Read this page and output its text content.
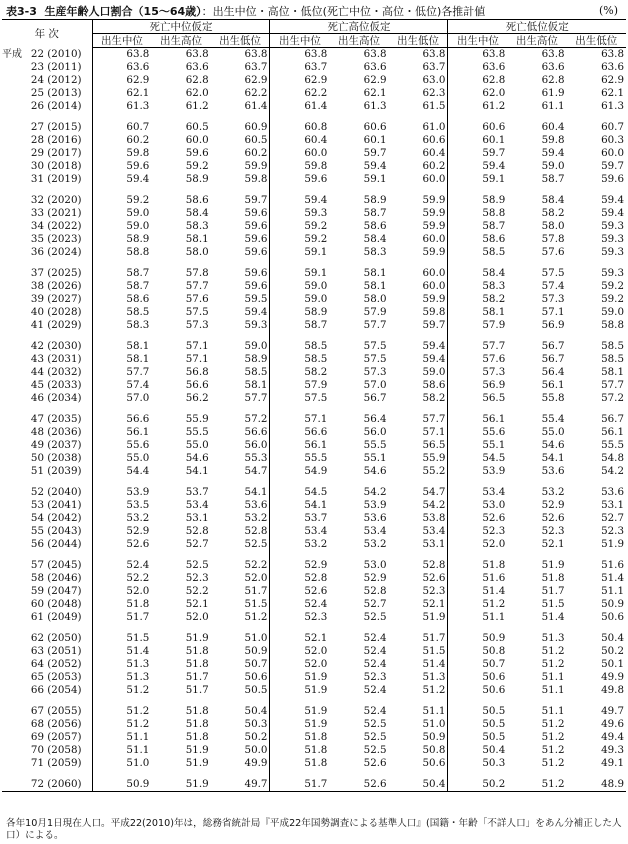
表3-3 生産年齢人口割合（15～64歳）：出生中位・高位・低位(死亡中位・高位・低位)各推計値	(%)
年 次	死亡中位仮定			死亡高位仮定			死亡低位仮定		
	出生中位	出生高位	出生低位	出生中位	出生高位	出生低位	出生中位	出生高位	出生低位
平成 22 (2010)	63.8	63.8	63.8	63.8	63.8	63.8	63.8	63.8	63.8
23 (2011)	63.6	63.6	63.7	63.7	63.6	63.7	63.6	63.6	63.6
24 (2012)	62.9	62.8	62.9	62.9	62.9	63.0	62.8	62.8	62.9
25 (2013)	62.1	62.0	62.2	62.2	62.1	62.3	62.0	61.9	62.1
26 (2014)	61.3	61.2	61.4	61.4	61.3	61.5	61.2	61.1	61.3

27 (2015)	60.7	60.5	60.9	60.8	60.6	61.0	60.6	60.4	60.7
28 (2016)	60.2	60.0	60.5	60.4	60.1	60.6	60.1	59.8	60.3
29 (2017)	59.8	59.6	60.2	60.0	59.7	60.4	59.7	59.4	60.0
30 (2018)	59.6	59.2	59.9	59.8	59.4	60.2	59.4	59.0	59.7
31 (2019)	59.4	58.9	59.8	59.6	59.1	60.0	59.1	58.7	59.6

32 (2020)	59.2	58.6	59.7	59.4	58.9	59.9	58.9	58.4	59.4
33 (2021)	59.0	58.4	59.6	59.3	58.7	59.9	58.8	58.2	59.4
34 (2022)	59.0	58.3	59.6	59.2	58.6	59.9	58.7	58.0	59.3
35 (2023)	58.9	58.1	59.6	59.2	58.4	60.0	58.6	57.8	59.3
36 (2024)	58.8	58.0	59.6	59.1	58.3	59.9	58.5	57.6	59.3

37 (2025)	58.7	57.8	59.6	59.1	58.1	60.0	58.4	57.5	59.3
38 (2026)	58.7	57.7	59.6	59.0	58.1	60.0	58.3	57.4	59.2
39 (2027)	58.6	57.6	59.5	59.0	58.0	59.9	58.2	57.3	59.2
40 (2028)	58.5	57.5	59.4	58.9	57.9	59.8	58.1	57.1	59.0
41 (2029)	58.3	57.3	59.3	58.7	57.7	59.7	57.9	56.9	58.8

42 (2030)	58.1	57.1	59.0	58.5	57.5	59.4	57.7	56.7	58.5
43 (2031)	58.1	57.1	58.9	58.5	57.5	59.4	57.6	56.7	58.5
44 (2032)	57.7	56.8	58.5	58.2	57.3	59.0	57.3	56.4	58.1
45 (2033)	57.4	56.6	58.1	57.9	57.0	58.6	56.9	56.1	57.7
46 (2034)	57.0	56.2	57.7	57.5	56.7	58.2	56.5	55.8	57.2

47 (2035)	56.6	55.9	57.2	57.1	56.4	57.7	56.1	55.4	56.7
48 (2036)	56.1	55.5	56.6	56.6	56.0	57.1	55.6	55.0	56.1
49 (2037)	55.6	55.0	56.0	56.1	55.5	56.5	55.1	54.6	55.5
50 (2038)	55.0	54.6	55.3	55.5	55.1	55.9	54.5	54.1	54.8
51 (2039)	54.4	54.1	54.7	54.9	54.6	55.2	53.9	53.6	54.2

52 (2040)	53.9	53.7	54.1	54.5	54.2	54.7	53.4	53.2	53.6
53 (2041)	53.5	53.4	53.6	54.1	53.9	54.2	53.0	52.9	53.1
54 (2042)	53.2	53.1	53.2	53.7	53.6	53.8	52.6	52.6	52.7
55 (2043)	52.9	52.8	52.8	53.4	53.4	53.4	52.3	52.3	52.3
56 (2044)	52.6	52.7	52.5	53.2	53.2	53.1	52.0	52.1	51.9

57 (2045)	52.4	52.5	52.2	52.9	53.0	52.8	51.8	51.9	51.6
58 (2046)	52.2	52.3	52.0	52.8	52.9	52.6	51.6	51.8	51.4
59 (2047)	52.0	52.2	51.7	52.6	52.8	52.3	51.4	51.7	51.1
60 (2048)	51.8	52.1	51.5	52.4	52.7	52.1	51.2	51.5	50.9
61 (2049)	51.7	52.0	51.2	52.3	52.5	51.9	51.1	51.4	50.6

62 (2050)	51.5	51.9	51.0	52.1	52.4	51.7	50.9	51.3	50.4
63 (2051)	51.4	51.8	50.9	52.0	52.4	51.5	50.8	51.2	50.2
64 (2052)	51.3	51.8	50.7	52.0	52.4	51.4	50.7	51.2	50.1
65 (2053)	51.3	51.7	50.6	51.9	52.3	51.3	50.6	51.1	49.9
66 (2054)	51.2	51.7	50.5	51.9	52.4	51.2	50.6	51.1	49.8

67 (2055)	51.2	51.8	50.4	51.9	52.4	51.1	50.5	51.1	49.7
68 (2056)	51.2	51.8	50.3	51.9	52.5	51.0	50.5	51.2	49.6
69 (2057)	51.1	51.8	50.2	51.8	52.5	50.9	50.5	51.2	49.4
70 (2058)	51.1	51.9	50.0	51.8	52.5	50.8	50.4	51.2	49.3
71 (2059)	51.0	51.9	49.9	51.8	52.6	50.6	50.3	51.2	49.1

72 (2060)	50.9	51.9	49.7	51.7	52.6	50.4	50.2	51.2	48.9
各年10月1日現在人口。平成22(2010)年は，総務省統計局『平成22年国勢調査による基準人口』(国籍・年齢「不詳人口」をあん分補正した人口）による。
